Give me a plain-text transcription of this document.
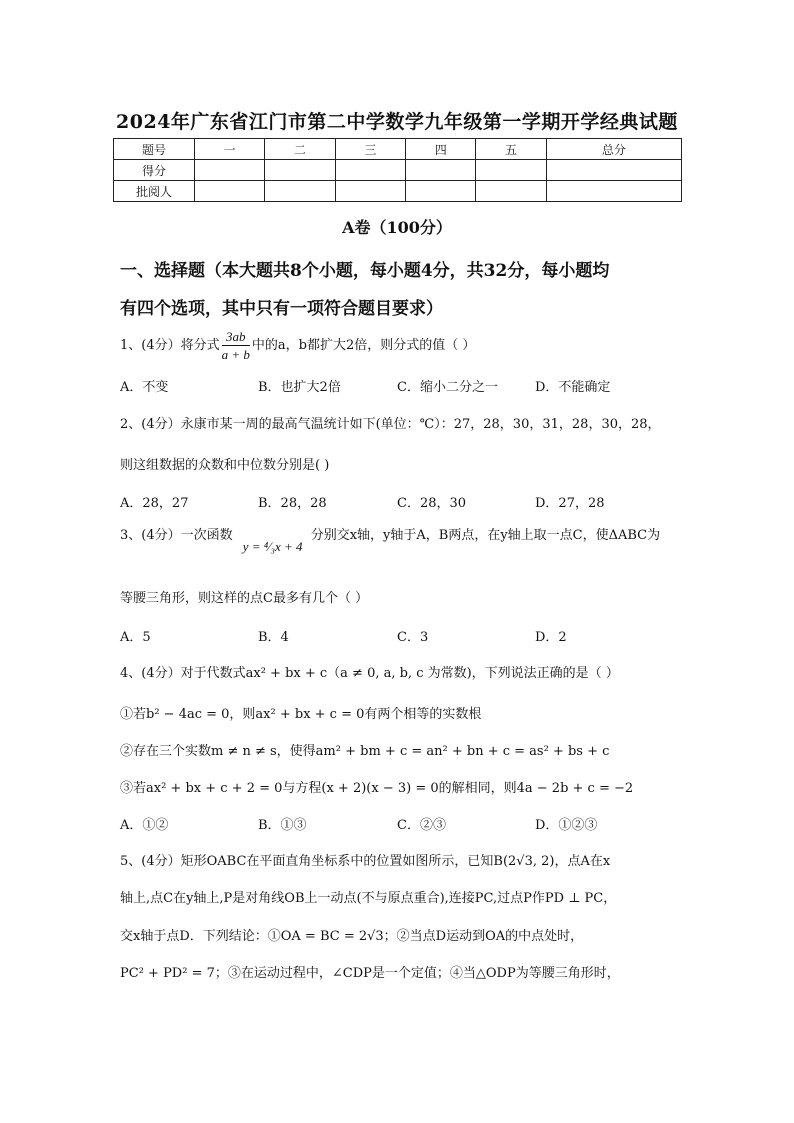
2024年广东省江门市第二中学数学九年级第一学期开学经典试题
题号	一	二	三	四	五	总分
得分						
批阅人						
A卷（100分）
一、选择题（本大题共8个小题，每小题4分，共32分，每小题均
有四个选项，其中只有一项符合题目要求）
1、(4分）将分式 $\frac{3ab}{a + b}$ 中的a，b都扩大2倍，则分式的值（ ）
A．不变	B．也扩大2倍	C．缩小二分之一	D．不能确定
2、(4分）永康市某一周的最高气温统计如下(单位：℃）：27，28，30，31，28，30，28，
则这组数据的众数和中位数分别是( )
A．28，27	B．28，28	C．28，30	D．27，28
3、(4分）一次函数 y = ⁴⁄₃x + 4 分别交x轴，y轴于A，B两点，在y轴上取一点C，使ΔABC为
等腰三角形，则这样的点C最多有几个（ ）
A．5	B．4	C．3	D．2
4、(4分）对于代数式ax² + bx + c（a ≠ 0, a, b, c 为常数)，下列说法正确的是（ ）
①若b² − 4ac = 0，则ax² + bx + c = 0有两个相等的实数根
②存在三个实数m ≠ n ≠ s，使得am² + bm + c = an² + bn + c = as² + bs + c
③若ax² + bx + c + 2 = 0与方程(x + 2)(x − 3) = 0的解相同，则4a − 2b + c = −2
A．①②	B．①③	C．②③	D．①②③
5、(4分）矩形OABC在平面直角坐标系中的位置如图所示，已知B(2√3, 2)，点A在x
轴上,点C在y轴上,P是对角线OB上一动点(不与原点重合),连接PC,过点P作PD ⊥ PC，
交x轴于点D．下列结论：①OA = BC = 2√3；②当点D运动到OA的中点处时，
PC² + PD² = 7；③在运动过程中，∠CDP是一个定值；④当△ODP为等腰三角形时，
